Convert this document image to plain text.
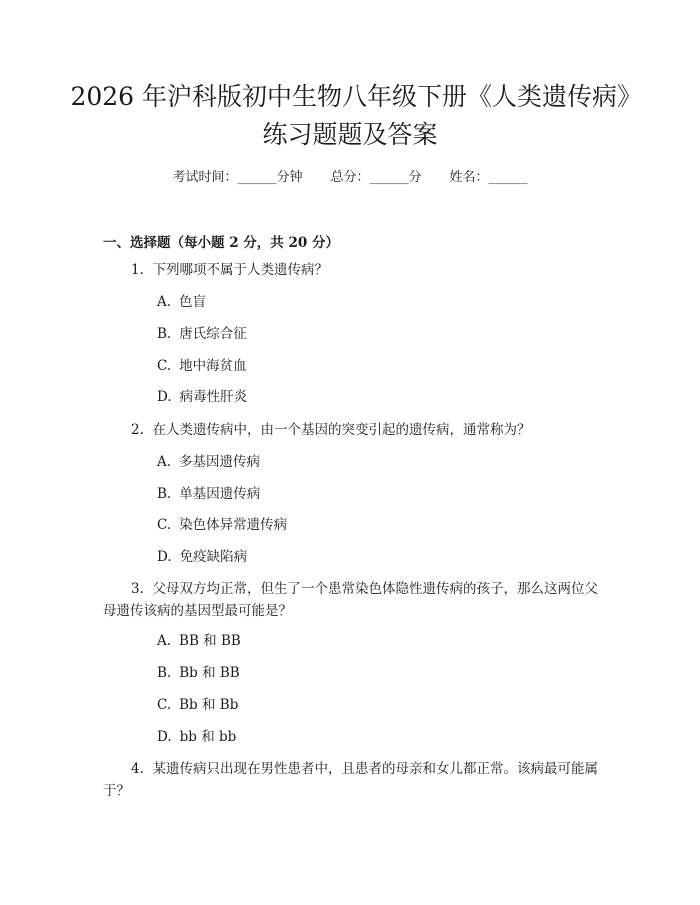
2026 年沪科版初中生物八年级下册《人类遗传病》练习题题及答案
考试时间：______分钟 总分：______分 姓名：______
一、选择题（每小题 2 分，共 20 分）
1. 下列哪项不属于人类遗传病？
A. 色盲
B. 唐氏综合征
C. 地中海贫血
D. 病毒性肝炎
2. 在人类遗传病中，由一个基因的突变引起的遗传病，通常称为？
A. 多基因遗传病
B. 单基因遗传病
C. 染色体异常遗传病
D. 免疫缺陷病
3. 父母双方均正常，但生了一个患常染色体隐性遗传病的孩子，那么这两位父母遗传该病的基因型最可能是？
A. BB 和 BB
B. Bb 和 BB
C. Bb 和 Bb
D. bb 和 bb
4. 某遗传病只出现在男性患者中，且患者的母亲和女儿都正常。该病最可能属于？
